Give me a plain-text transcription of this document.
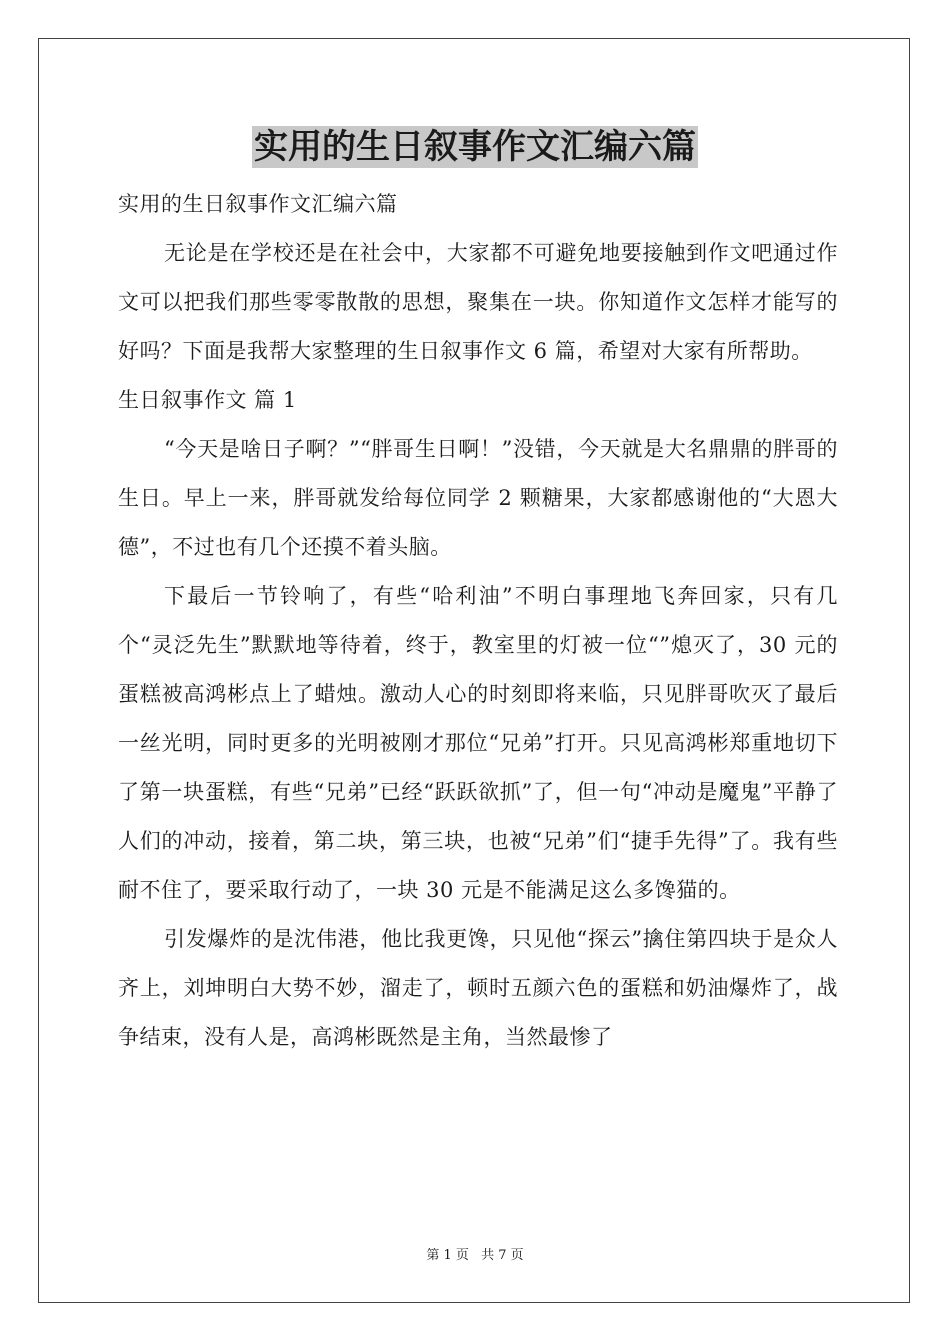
实用的生日叙事作文汇编六篇

实用的生日叙事作文汇编六篇

无论是在学校还是在社会中，大家都不可避免地要接触到作文吧通过作文可以把我们那些零零散散的思想，聚集在一块。你知道作文怎样才能写的好吗？下面是我帮大家整理的生日叙事作文 6 篇，希望对大家有所帮助。

生日叙事作文 篇 1

“今天是啥日子啊？”“胖哥生日啊！”没错，今天就是大名鼎鼎的胖哥的生日。早上一来，胖哥就发给每位同学 2 颗糖果，大家都感谢他的“大恩大德”，不过也有几个还摸不着头脑。

下最后一节铃响了，有些“哈利油”不明白事理地飞奔回家，只有几个“灵泛先生”默默地等待着，终于，教室里的灯被一位“”熄灭了，30 元的蛋糕被高鸿彬点上了蜡烛。激动人心的时刻即将来临，只见胖哥吹灭了最后一丝光明，同时更多的光明被刚才那位“兄弟”打开。只见高鸿彬郑重地切下了第一块蛋糕，有些“兄弟”已经“跃跃欲抓”了，但一句“冲动是魔鬼”平静了人们的冲动，接着，第二块，第三块，也被“兄弟”们“捷手先得”了。我有些耐不住了，要采取行动了，一块 30 元是不能满足这么多馋猫的。

引发爆炸的是沈伟港，他比我更馋，只见他“探云”擒住第四块于是众人齐上，刘坤明白大势不妙，溜走了，顿时五颜六色的蛋糕和奶油爆炸了，战争结束，没有人是，高鸿彬既然是主角，当然最惨了

第 1 页 共 7 页
